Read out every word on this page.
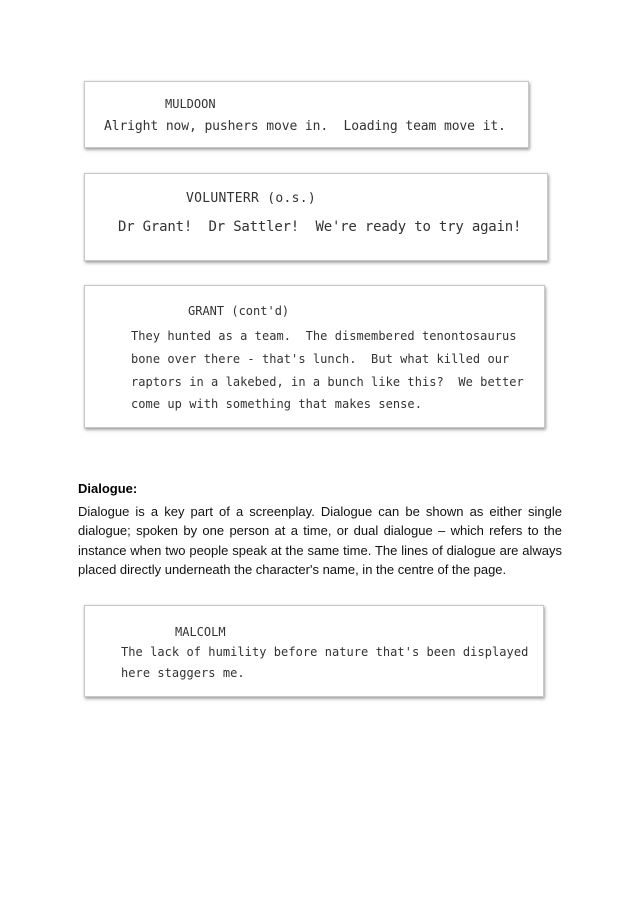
MULDOON
Alright now, pushers move in.  Loading team move it.
VOLUNTERR (o.s.)
Dr Grant!  Dr Sattler!  We're ready to try again!
GRANT (cont'd)
They hunted as a team.  The dismembered tenontosaurus
bone over there - that's lunch.  But what killed our
raptors in a lakebed, in a bunch like this?  We better
come up with something that makes sense.
Dialogue:
Dialogue is a key part of a screenplay. Dialogue can be shown as either single dialogue; spoken by one person at a time, or dual dialogue – which refers to the instance when two people speak at the same time. The lines of dialogue are always placed directly underneath the character's name, in the centre of the page.
MALCOLM
The lack of humility before nature that's been displayed
here staggers me.
